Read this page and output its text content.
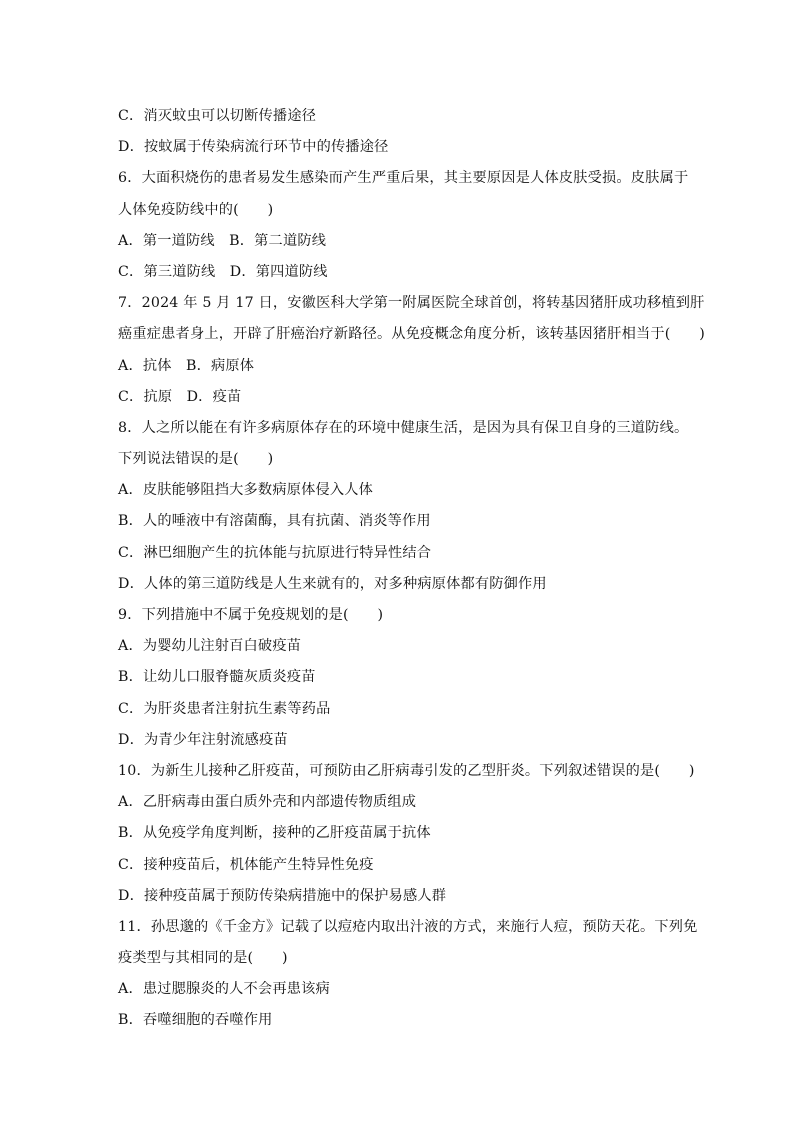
C．消灭蚊虫可以切断传播途径
D．按蚊属于传染病流行环节中的传播途径
6．大面积烧伤的患者易发生感染而产生严重后果，其主要原因是人体皮肤受损。皮肤属于
人体免疫防线中的(　　)
A．第一道防线　B．第二道防线
C．第三道防线　D．第四道防线
7．2024 年 5 月 17 日，安徽医科大学第一附属医院全球首创，将转基因猪肝成功移植到肝
癌重症患者身上，开辟了肝癌治疗新路径。从免疫概念角度分析，该转基因猪肝相当于(　　)
A．抗体　B．病原体
C．抗原　D．疫苗
8．人之所以能在有许多病原体存在的环境中健康生活，是因为具有保卫自身的三道防线。
下列说法错误的是(　　)
A．皮肤能够阻挡大多数病原体侵入人体
B．人的唾液中有溶菌酶，具有抗菌、消炎等作用
C．淋巴细胞产生的抗体能与抗原进行特异性结合
D．人体的第三道防线是人生来就有的，对多种病原体都有防御作用
9．下列措施中不属于免疫规划的是(　　)
A．为婴幼儿注射百白破疫苗
B．让幼儿口服脊髓灰质炎疫苗
C．为肝炎患者注射抗生素等药品
D．为青少年注射流感疫苗
10．为新生儿接种乙肝疫苗，可预防由乙肝病毒引发的乙型肝炎。下列叙述错误的是(　　)
A．乙肝病毒由蛋白质外壳和内部遗传物质组成
B．从免疫学角度判断，接种的乙肝疫苗属于抗体
C．接种疫苗后，机体能产生特异性免疫
D．接种疫苗属于预防传染病措施中的保护易感人群
11．孙思邈的《千金方》记载了以痘疮内取出汁液的方式，来施行人痘，预防天花。下列免
疫类型与其相同的是(　　)
A．患过腮腺炎的人不会再患该病
B．吞噬细胞的吞噬作用
